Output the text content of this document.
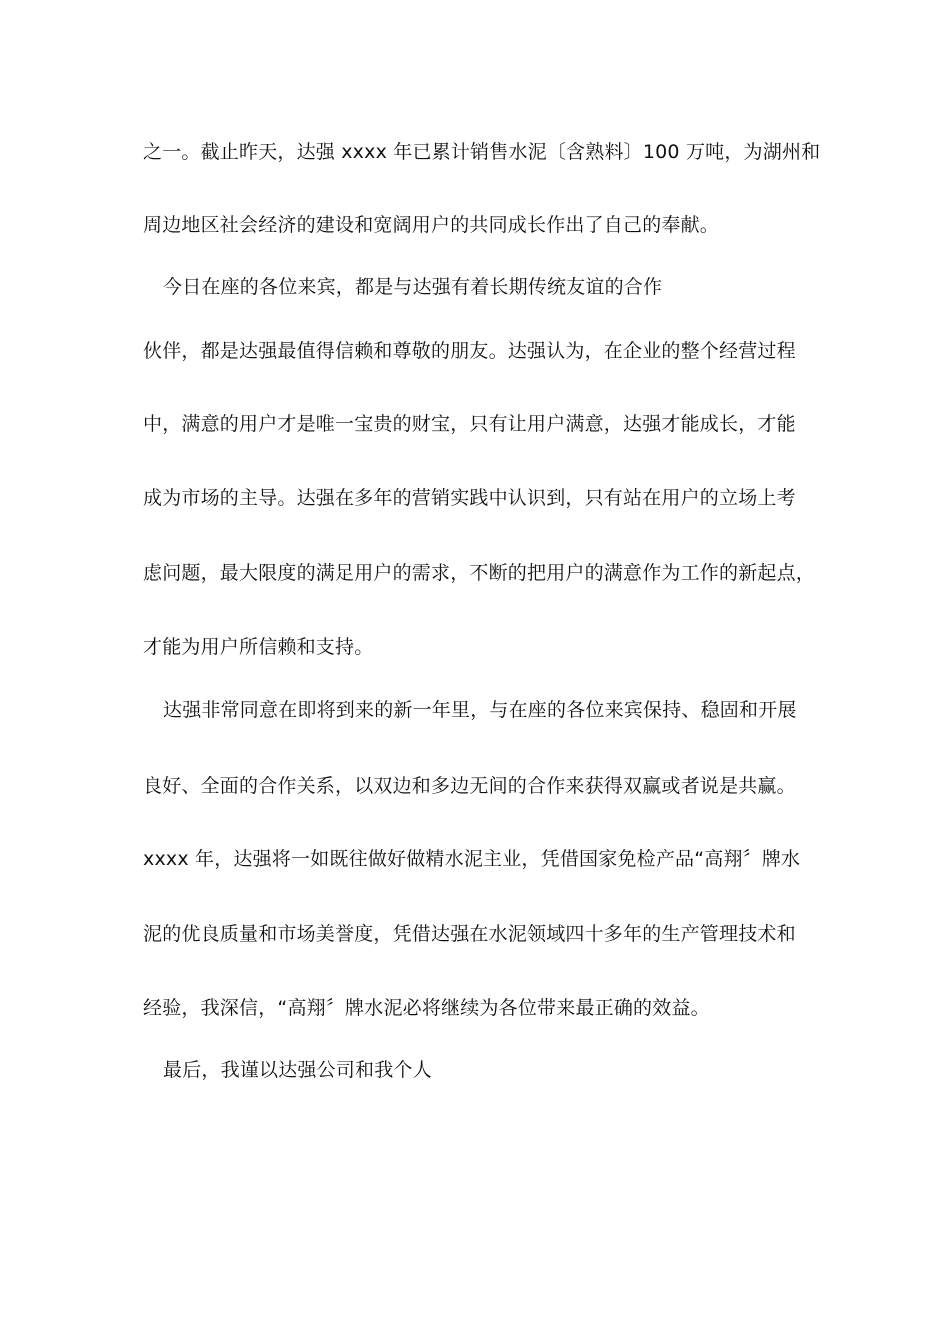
之一。截止昨天，达强 xxxx 年已累计销售水泥〔含熟料〕100 万吨，为湖州和
周边地区社会经济的建设和宽阔用户的共同成长作出了自己的奉献。
今日在座的各位来宾，都是与达强有着长期传统友谊的合作
伙伴，都是达强最值得信赖和尊敬的朋友。达强认为，在企业的整个经营过程
中，满意的用户才是唯一宝贵的财宝，只有让用户满意，达强才能成长，才能
成为市场的主导。达强在多年的营销实践中认识到，只有站在用户的立场上考
虑问题，最大限度的满足用户的需求，不断的把用户的满意作为工作的新起点，
才能为用户所信赖和支持。
达强非常同意在即将到来的新一年里，与在座的各位来宾保持、稳固和开展
良好、全面的合作关系，以双边和多边无间的合作来获得双赢或者说是共赢。
xxxx 年，达强将一如既往做好做精水泥主业，凭借国家免检产品“高翔〞牌水
泥的优良质量和市场美誉度，凭借达强在水泥领域四十多年的生产管理技术和
经验，我深信，“高翔〞牌水泥必将继续为各位带来最正确的效益。
最后，我谨以达强公司和我个人
